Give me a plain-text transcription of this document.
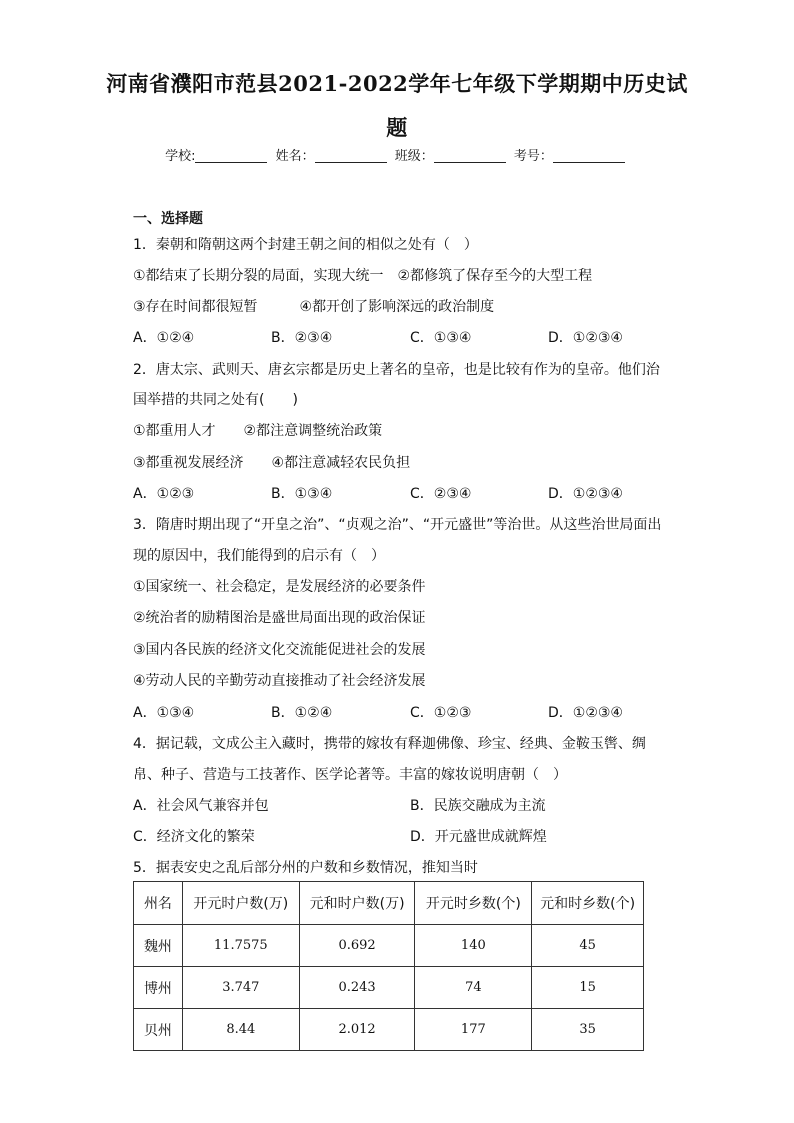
河南省濮阳市范县2021-2022学年七年级下学期期中历史试
题
学校:	姓名：	班级：	考号：
一、选择题
1．秦朝和隋朝这两个封建王朝之间的相似之处有（　）
①都结束了长期分裂的局面，实现大统一　②都修筑了保存至今的大型工程
③存在时间都很短暂　　　④都开创了影响深远的政治制度
A．①②④	B．②③④	C．①③④	D．①②③④
2．唐太宗、武则天、唐玄宗都是历史上著名的皇帝，也是比较有作为的皇帝。他们治
国举措的共同之处有(　　)
①都重用人才　　②都注意调整统治政策
③都重视发展经济　　④都注意减轻农民负担
A．①②③	B．①③④	C．②③④	D．①②③④
3．隋唐时期出现了“开皇之治”、“贞观之治”、“开元盛世”等治世。从这些治世局面出
现的原因中，我们能得到的启示有（　）
①国家统一、社会稳定，是发展经济的必要条件
②统治者的励精图治是盛世局面出现的政治保证
③国内各民族的经济文化交流能促进社会的发展
④劳动人民的辛勤劳动直接推动了社会经济发展
A．①③④	B．①②④	C．①②③	D．①②③④
4．据记载，文成公主入藏时，携带的嫁妆有释迦佛像、珍宝、经典、金鞍玉辔、绸
帛、种子、营造与工技著作、医学论著等。丰富的嫁妆说明唐朝（　）
A．社会风气兼容并包	B．民族交融成为主流
C．经济文化的繁荣	D．开元盛世成就辉煌
5．据表安史之乱后部分州的户数和乡数情况，推知当时
州名	开元时户数(万)	元和时户数(万)	开元时乡数(个)	元和时乡数(个)
魏州	11.7575	0.692	140	45
博州	3.747	0.243	74	15
贝州	8.44	2.012	177	35
